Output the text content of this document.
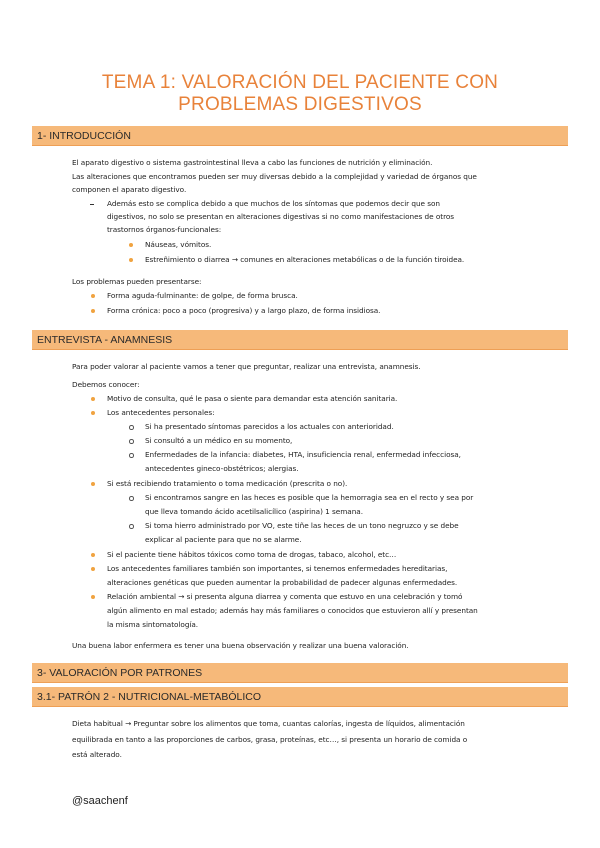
TEMA 1: VALORACIÓN DEL PACIENTE CON
PROBLEMAS DIGESTIVOS
1- INTRODUCCIÓN
El aparato digestivo o sistema gastrointestinal lleva a cabo las funciones de nutrición y eliminación.
Las alteraciones que encontramos pueden ser muy diversas debido a la complejidad y variedad de órganos que
componen el aparato digestivo.
Además esto se complica debido a que muchos de los síntomas que podemos decir que son
digestivos, no solo se presentan en alteraciones digestivas si no como manifestaciones de otros
trastornos órganos-funcionales:
Náuseas, vómitos.
Estreñimiento o diarrea → comunes en alteraciones metabólicas o de la función tiroidea.
Los problemas pueden presentarse:
Forma aguda-fulminante: de golpe, de forma brusca.
Forma crónica: poco a poco (progresiva) y a largo plazo, de forma insidiosa.
ENTREVISTA - ANAMNESIS
Para poder valorar al paciente vamos a tener que preguntar, realizar una entrevista, anamnesis.
Debemos conocer:
Motivo de consulta, qué le pasa o siente para demandar esta atención sanitaria.
Los antecedentes personales:
Si ha presentado síntomas parecidos a los actuales con anterioridad.
Si consultó a un médico en su momento,
Enfermedades de la infancia: diabetes, HTA, insuficiencia renal, enfermedad infecciosa,
antecedentes gineco-obstétricos; alergias.
Si está recibiendo tratamiento o toma medicación (prescrita o no).
Si encontramos sangre en las heces es posible que la hemorragia sea en el recto y sea por
que lleva tomando ácido acetilsalicílico (aspirina) 1 semana.
Si toma hierro administrado por VO, este tiñe las heces de un tono negruzco y se debe
explicar al paciente para que no se alarme.
Si el paciente tiene hábitos tóxicos como toma de drogas, tabaco, alcohol, etc…
Los antecedentes familiares también son importantes, si tenemos enfermedades hereditarias,
alteraciones genéticas que pueden aumentar la probabilidad de padecer algunas enfermedades.
Relación ambiental → si presenta alguna diarrea y comenta que estuvo en una celebración y tomó
algún alimento en mal estado; además hay más familiares o conocidos que estuvieron allí y presentan
la misma sintomatología.
Una buena labor enfermera es tener una buena observación y realizar una buena valoración.
3- VALORACIÓN POR PATRONES
3.1- PATRÓN 2 - NUTRICIONAL-METABÓLICO
Dieta habitual → Preguntar sobre los alimentos que toma, cuantas calorías, ingesta de líquidos, alimentación
equilibrada en tanto a las proporciones de carbos, grasa, proteínas, etc…, si presenta un horario de comida o
está alterado.
@saachenf
